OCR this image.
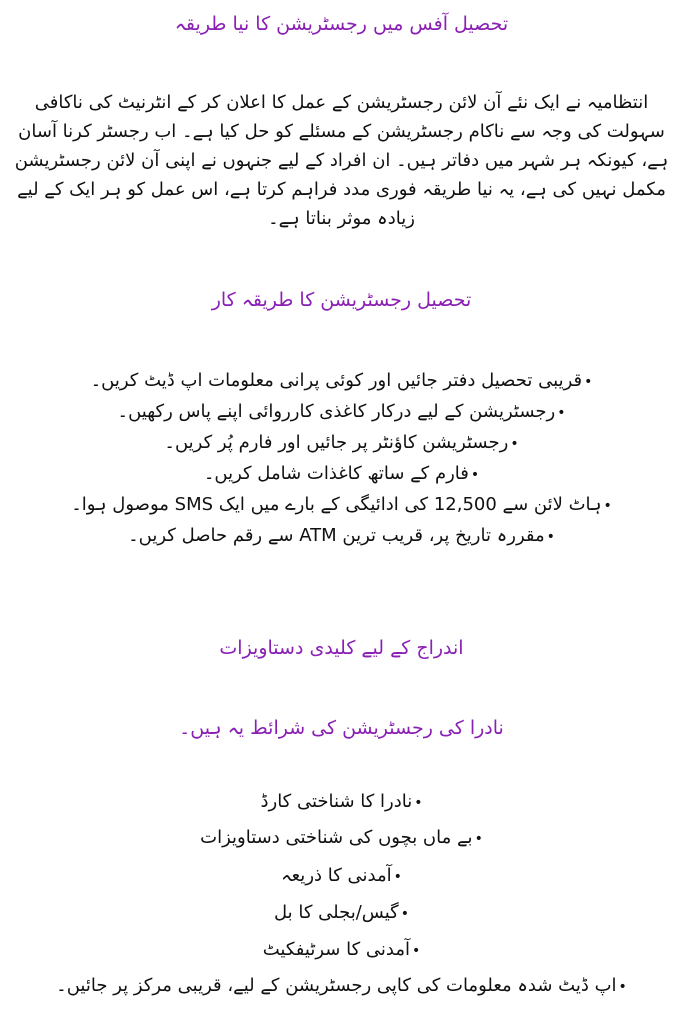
تحصیل آفس میں رجسٹریشن کا نیا طریقہ

انتظامیہ نے ایک نئے آن لائن رجسٹریشن کے عمل کا اعلان کر کے انٹرنیٹ کی ناکافی سہولت کی وجہ سے ناکام رجسٹریشن کے مسئلے کو حل کیا ہے۔ اب رجسٹر کرنا آسان ہے، کیونکہ ہر شہر میں دفاتر ہیں۔ ان افراد کے لیے جنہوں نے اپنی آن لائن رجسٹریشن مکمل نہیں کی ہے، یہ نیا طریقہ فوری مدد فراہم کرتا ہے، اس عمل کو ہر ایک کے لیے زیادہ موثر بناتا ہے۔

تحصیل رجسٹریشن کا طریقہ کار
•قریبی تحصیل دفتر جائیں اور کوئی پرانی معلومات اپ ڈیٹ کریں۔
•رجسٹریشن کے لیے درکار کاغذی کارروائی اپنے پاس رکھیں۔
•رجسٹریشن کاؤنٹر پر جائیں اور فارم پُر کریں۔
•فارم کے ساتھ کاغذات شامل کریں۔
•ہاٹ لائن سے 12,500 کی ادائیگی کے بارے میں ایک SMS موصول ہوا۔
•مقررہ تاریخ پر، قریب ترین ATM سے رقم حاصل کریں۔
اندراج کے لیے کلیدی دستاویزات
نادرا کی رجسٹریشن کی شرائط یہ ہیں۔
•نادرا کا شناختی کارڈ
•بے ماں بچوں کی شناختی دستاویزات
•آمدنی کا ذریعہ
•گیس/بجلی کا بل
•آمدنی کا سرٹیفکیٹ
•اپ ڈیٹ شدہ معلومات کی کاپی رجسٹریشن کے لیے، قریبی مرکز پر جائیں۔
